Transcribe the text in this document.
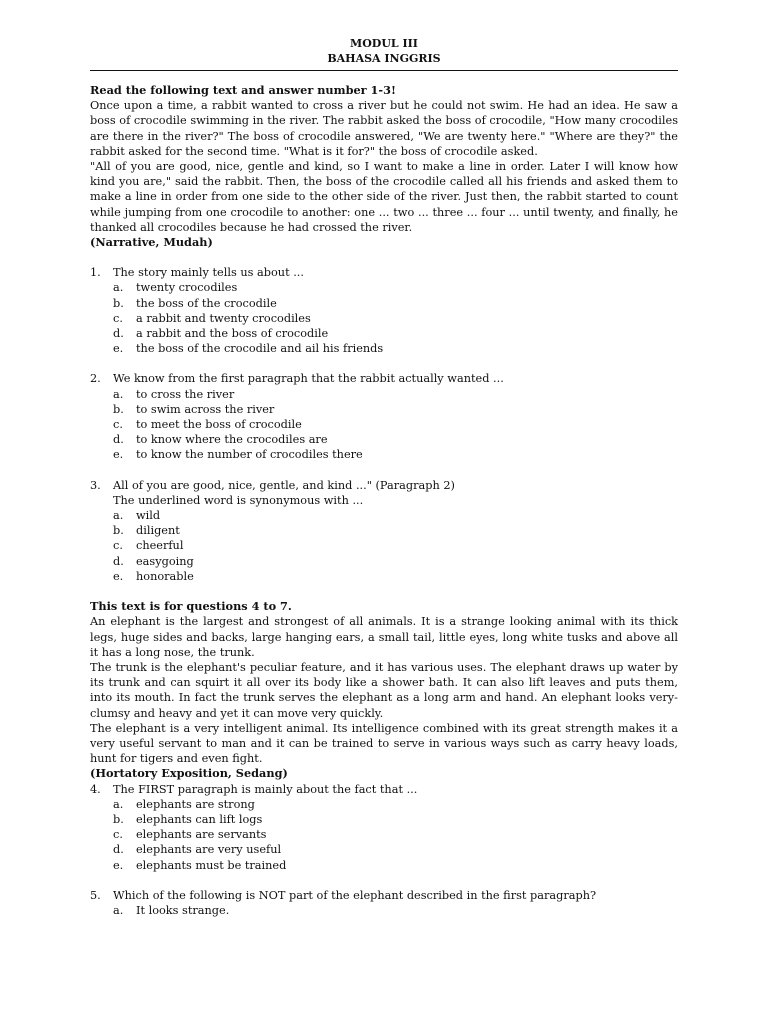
MODUL III
BAHASA INGGRIS
Read the following text and answer number 1-3!

Once upon a time, a rabbit wanted to cross a river but he could not swim. He had an idea. He saw a boss of crocodile swimming in the river. The rabbit asked the boss of crocodile, "How many crocodiles are there in the river?" The boss of crocodile answered, "We are twenty here." "Where are they?" the rabbit asked for the second time. "What is it for?" the boss of crocodile asked.

"All of you are good, nice, gentle and kind, so I want to make a line in order. Later I will know how kind you are," said the rabbit. Then, the boss of the crocodile called all his friends and asked them to make a line in order from one side to the other side of the river. Just then, the rabbit started to count while jumping from one crocodile to another: one ... two ... three ... four ... until twenty, and finally, he thanked all crocodiles because he had crossed the river.

(Narrative, Mudah)
1.	The story mainly tells us about ...
a.	twenty crocodiles
b.	the boss of the crocodile
c.	a rabbit and twenty crocodiles
d.	a rabbit and the boss of crocodile
e.	the boss of the crocodile and ail his friends
2.	We know from the first paragraph that the rabbit actually wanted ...
a.	to cross the river
b.	to swim across the river
c.	to meet the boss of crocodile
d.	to know where the crocodiles are
e.	to know the number of crocodiles there
3.	All of you are good, nice, gentle, and kind ..." (Paragraph 2)
The underlined word is synonymous with ...
a.	wild
b.	diligent
c.	cheerful
d.	easygoing
e.	honorable
This text is for questions 4 to 7.

An elephant is the largest and strongest of all animals. It is a strange looking animal with its thick legs, huge sides and backs, large hanging ears, a small tail, little eyes, long white tusks and above all it has a long nose, the trunk.

The trunk is the elephant's peculiar feature, and it has various uses. The elephant draws up water by its trunk and can squirt it all over its body like a shower bath. It can also lift leaves and puts them, into its mouth. In fact the trunk serves the elephant as a long arm and hand. An elephant looks very- clumsy and heavy and yet it can move very quickly.

The elephant is a very intelligent animal. Its intelligence combined with its great strength makes it a very useful servant to man and it can be trained to serve in various ways such as carry heavy loads, hunt for tigers and even fight.

(Hortatory Exposition, Sedang)
4.	The FIRST paragraph is mainly about the fact that ...
a.	elephants are strong
b.	elephants can lift logs
c.	elephants are servants
d.	elephants are very useful
e.	elephants must be trained
5.	Which of the following is NOT part of the elephant described in the first paragraph?
a.	It looks strange.
